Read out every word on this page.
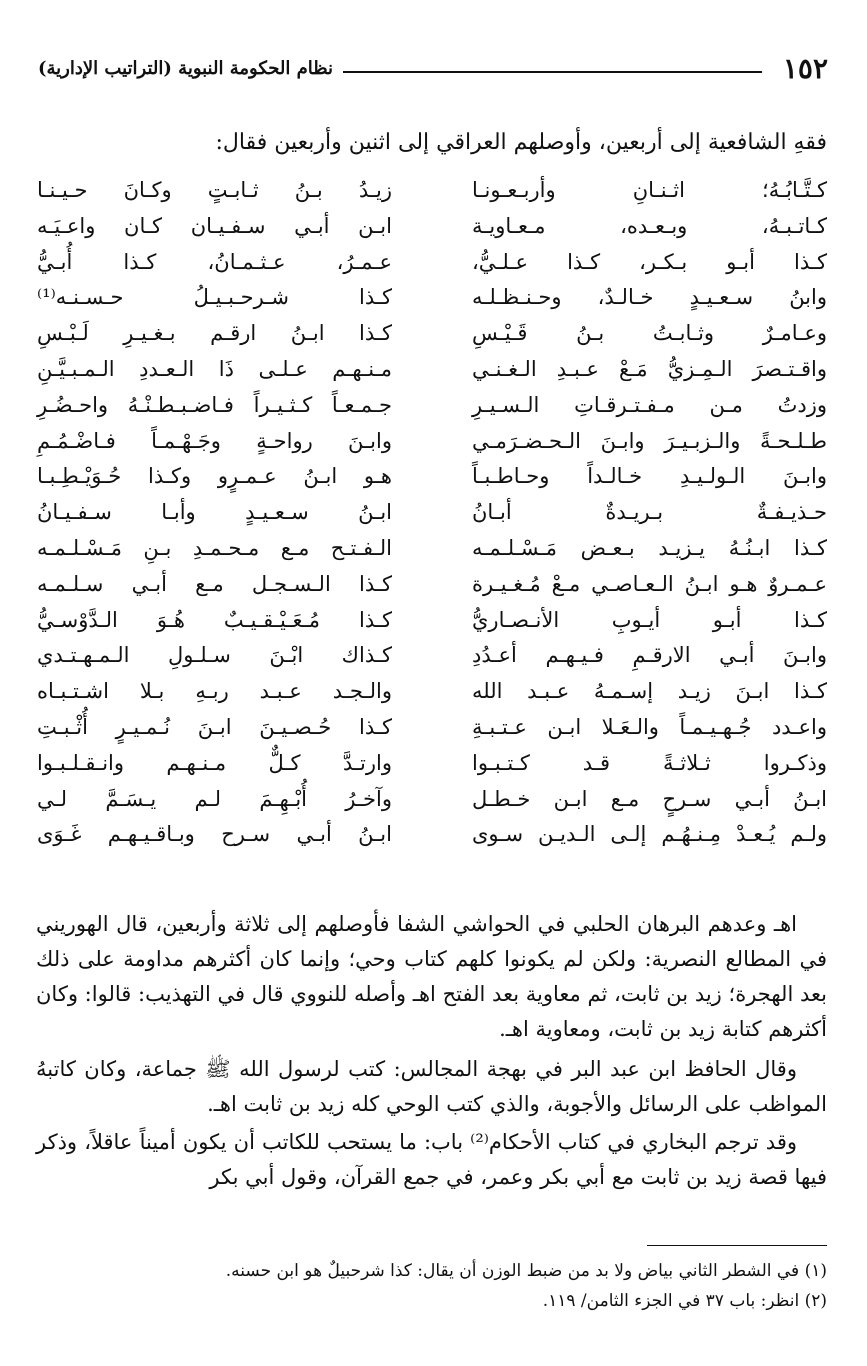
١٥٢
نظام الحكومة النبوية (التراتيب الإدارية)
فقهِ الشافعية إلى أربعين، وأوصلهم العراقي إلى اثنين وأربعين فقال:
كـتَّـابُـهُ؛ اثـنـانِ وأربـعـونـا
زيـدُ بـنُ ثـابـتٍ وكـانَ حـيـنـا
كـاتـبـهُ، وبـعـده، مـعـاويـة
ابـن أبـي سـفـيـان كـان واعـيَـه
كـذا أبـو بـكـر، كـذا عـلـيُّ،
عـمـرُ، عـثـمـانُ، كـذا أُبـيُّ
وابنُ سـعـيـدٍ خـالـدٌ، وحـنـظـلـه
كـذا شـرحـبـيـلُ حـسـنـه⁽¹⁾
وعـامـرٌ وثـابـتُ بـنُ قَـيْـسِ
كـذا ابـنُ ارقـم بـغـيـرِ لَـبْـسِ
واقـتـصرَ الـمِـزيُّ مَـعْ عـبـدِ الـغـنـي
مـنـهـم عـلـى ذَا الـعـددِ الـمـبـيَّـنِ
وزدتُ مـن مـفـتـرقـاتِ الـسـيـرِ
جـمـعـاً كـثـيـراً فـاضـبـطـنْـهُ واحـضُـرِ
طـلـحـةً والـزبـيـرَ وابـنَ الـحـضـرَمـي
وابـنَ رواحـةٍ وجَـهْـمـاً فـاضْـمُـمِ
وابـنَ الـولـيـدِ خـالـداً وحـاطـبـاً
هـو ابـنُ عـمـرٍو وكـذا حُـوَيْـطِـبـا
حـذيـفـةٌ بـريـدةٌ أبـانُ
ابـنُ سـعـيـدٍ وأبـا سـفـيـانُ
كـذا ابـنُـهُ يـزيـد بـعـض مَـسْـلـمـه
الـفـتـح مـع مـحـمـدِ بـنِ مَـسْـلـمـه
عـمـروٌ هـو ابـنُ الـعـاصـي مـعْ مُـغـيـرة
كـذا الـسـجـل مـع أبـي سـلـمـه
كـذا أبـو أيـوبِ الأنـصـاريُّ
كـذا مُـعَـيْـقـيـبٌ هُـوَ الـدَّوْسـيُّ
وابـنَ أبـي الارقـمِ فـيـهـم أعـدُدِ
كـذاك ابْـنَ سـلـولِ الـمـهـتـدي
كـذا ابـنَ زيـد إسـمـهُ عـبـد الله
والـجـد عـبـد ربـهِ بـلا اشـتـبـاه
واعـدد جُـهـيـمـاً والـعَـلا ابـن عـتـبـةِ
كـذا حُـصـيـنَ ابـنَ نُـمـيـرٍ أُثْـبـتِ
وذكـروا ثـلاثـةً قـد كـتـبـوا
وارتـدَّ كـلٌّ مـنـهـم وانـقـلـبـوا
ابـنُ أبـي سـرحٍ مـع ابـن خـطـل
وآخـرُ أُبْـهِـمَ لـم يـسَـمَّ لـي
ولـم يُـعـدْ مِـنـهُـم إلـى الـديـن سـوى
ابـنُ أبـي سـرح وبـاقـيـهـم غَـوَى

اهـ وعدهم البرهان الحلبي في الحواشي الشفا فأوصلهم إلى ثلاثة وأربعين، قال الهوريني في المطالع النصرية: ولكن لم يكونوا كلهم كتاب وحي؛ وإنما كان أكثرهم مداومة على ذلك بعد الهجرة؛ زيد بن ثابت، ثم معاوية بعد الفتح اهـ وأصله للنووي قال في التهذيب: قالوا: وكان أكثرهم كتابة زيد بن ثابت، ومعاوية اهـ.

وقال الحافظ ابن عبد البر في بهجة المجالس: كتب لرسول الله ﷺ جماعة، وكان كاتبهُ المواظب على الرسائل والأجوبة، والذي كتب الوحي كله زيد بن ثابت اهـ.

وقد ترجم البخاري في كتاب الأحكام⁽²⁾ باب: ما يستحب للكاتب أن يكون أميناً عاقلاً، وذكر فيها قصة زيد بن ثابت مع أبي بكر وعمر، في جمع القرآن، وقول أبي بكر

(١) في الشطر الثاني بياض ولا بد من ضبط الوزن أن يقال: كذا شرحبيلٌ هو ابن حسنه.
(٢) انظر: باب ٣٧ في الجزء الثامن/ ١١٩.
